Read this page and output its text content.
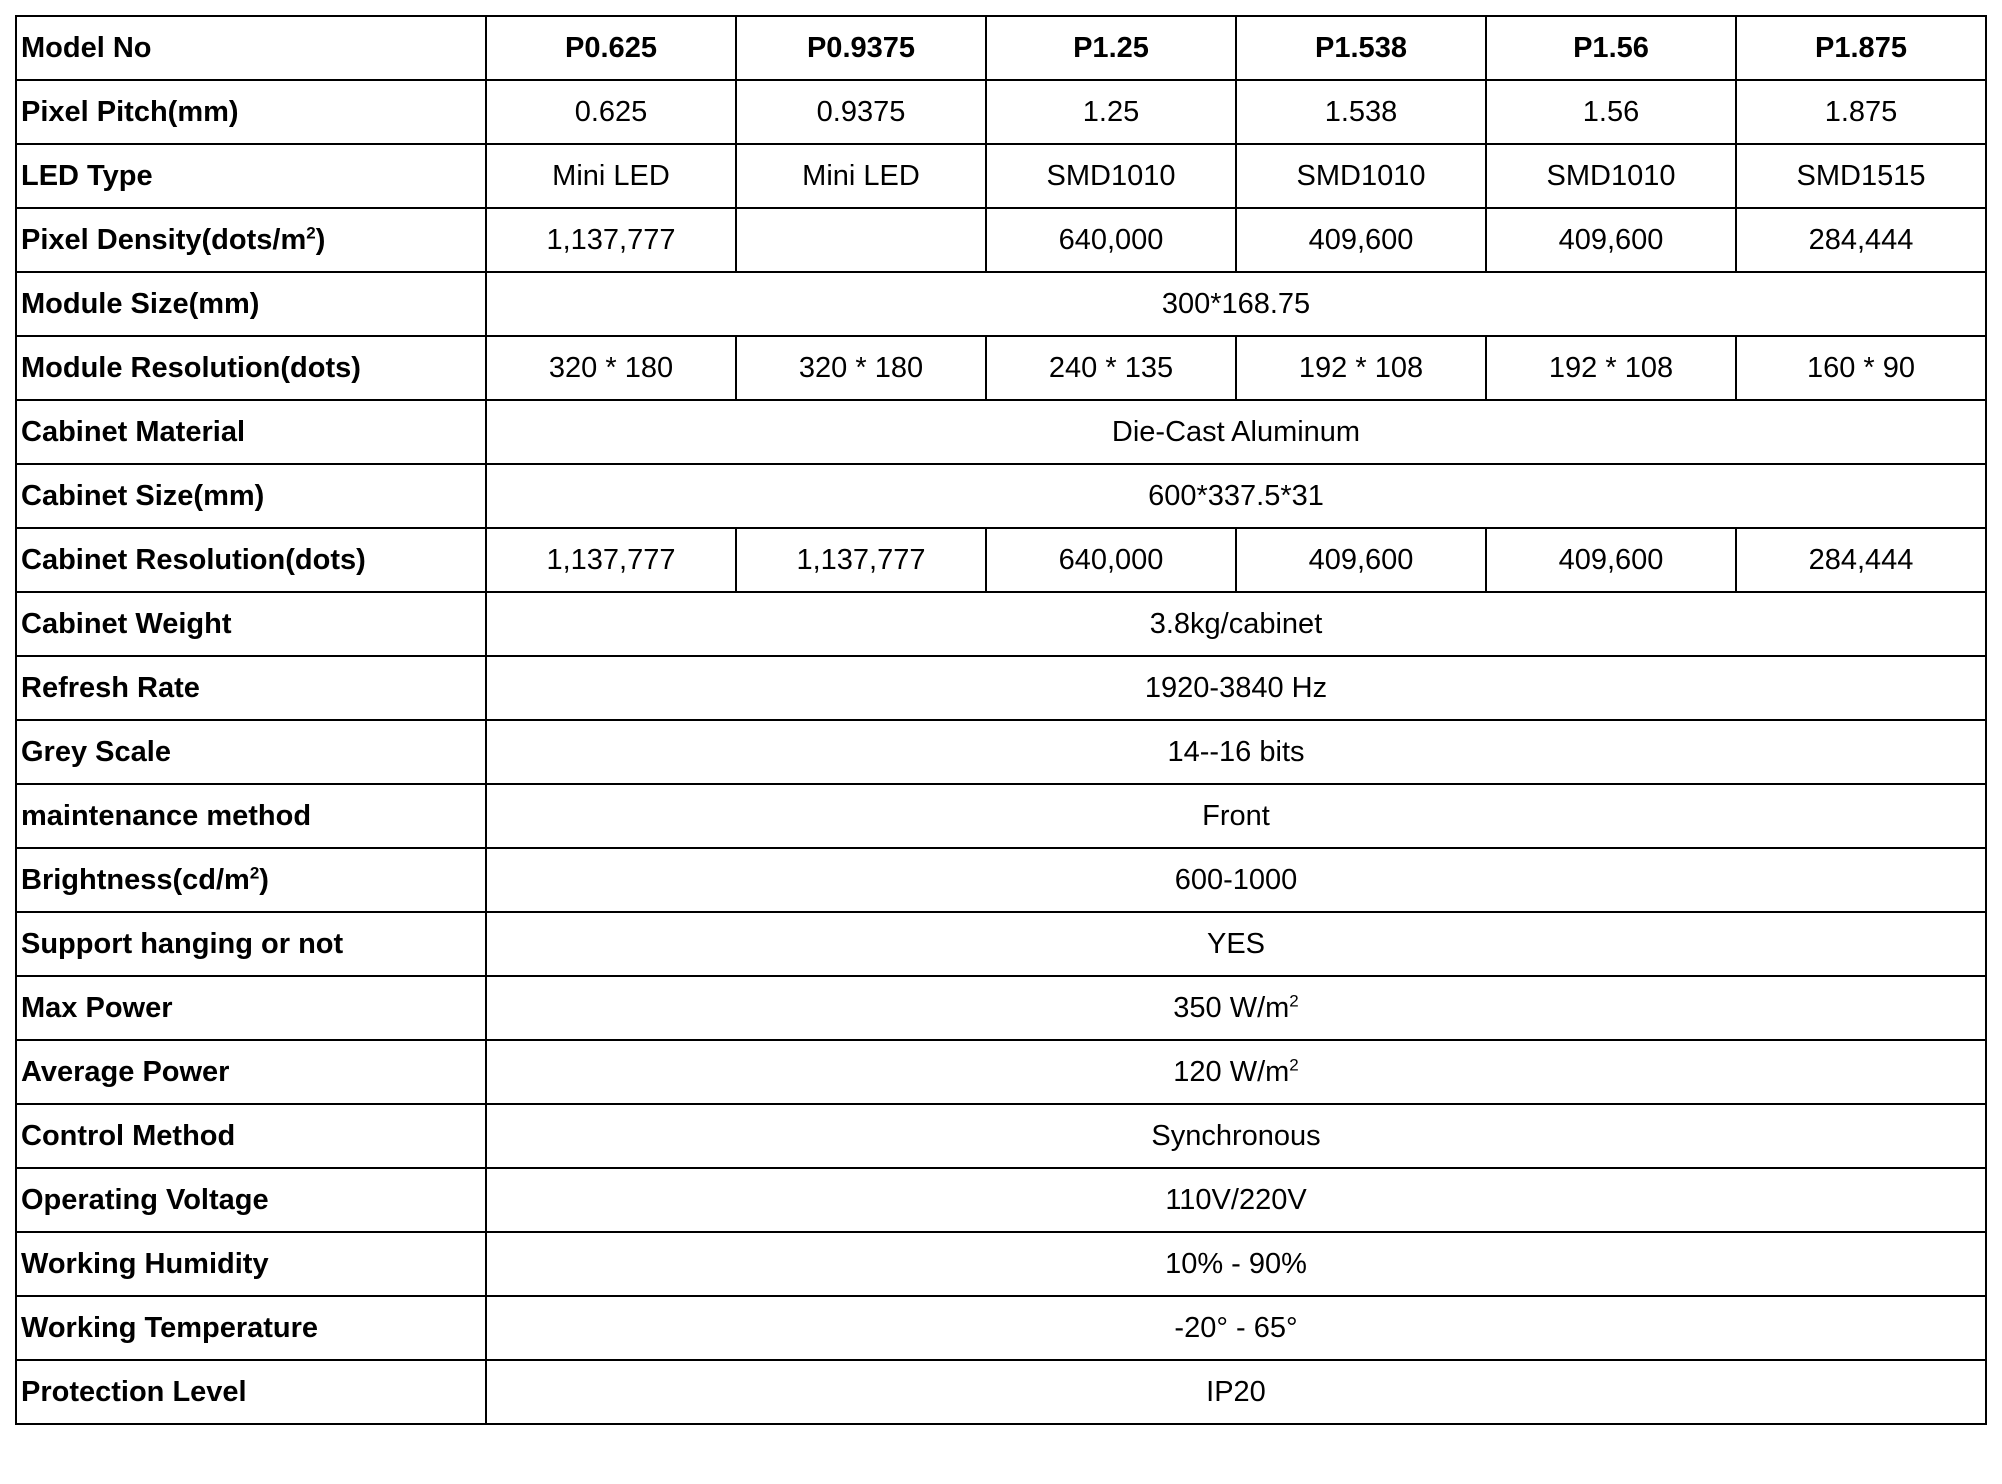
Model No	P0.625	P0.9375	P1.25	P1.538	P1.56	P1.875
Pixel Pitch(mm)	0.625	0.9375	1.25	1.538	1.56	1.875
LED Type	Mini LED	Mini LED	SMD1010	SMD1010	SMD1010	SMD1515
Pixel $Density(dots/m^2)$	1,137,777		640,000	409,600	409,600	284,444
Module Size(mm)	300*168.75					
Module Resolution(dots)	320 * 180	320 * 180	240 * 135	192 * 108	192 * 108	160 * 90
Cabinet Material	Die-Cast Aluminum					
Cabinet Size(mm)	600*337.5*31					
Cabinet Resolution(dots)	1,137,777	1,137,777	640,000	409,600	409,600	284,444
Cabinet Weight	3.8kg/cabinet					
Refresh Rate	1920-3840 Hz					
Grey Scale	14--16 bits					
maintenance method	Front					
$Brightness(cd/m^2)$	600-1000					
Support hanging or not	YES					
Max Power	350 $W/m^2$
Average Power	120 $W/m^2$
Control Method	Synchronous					
Operating Voltage	110V/220V					
Working Humidity	10% - 90%					
Working Temperature	-20° - 65°					
Protection Level	IP20					
